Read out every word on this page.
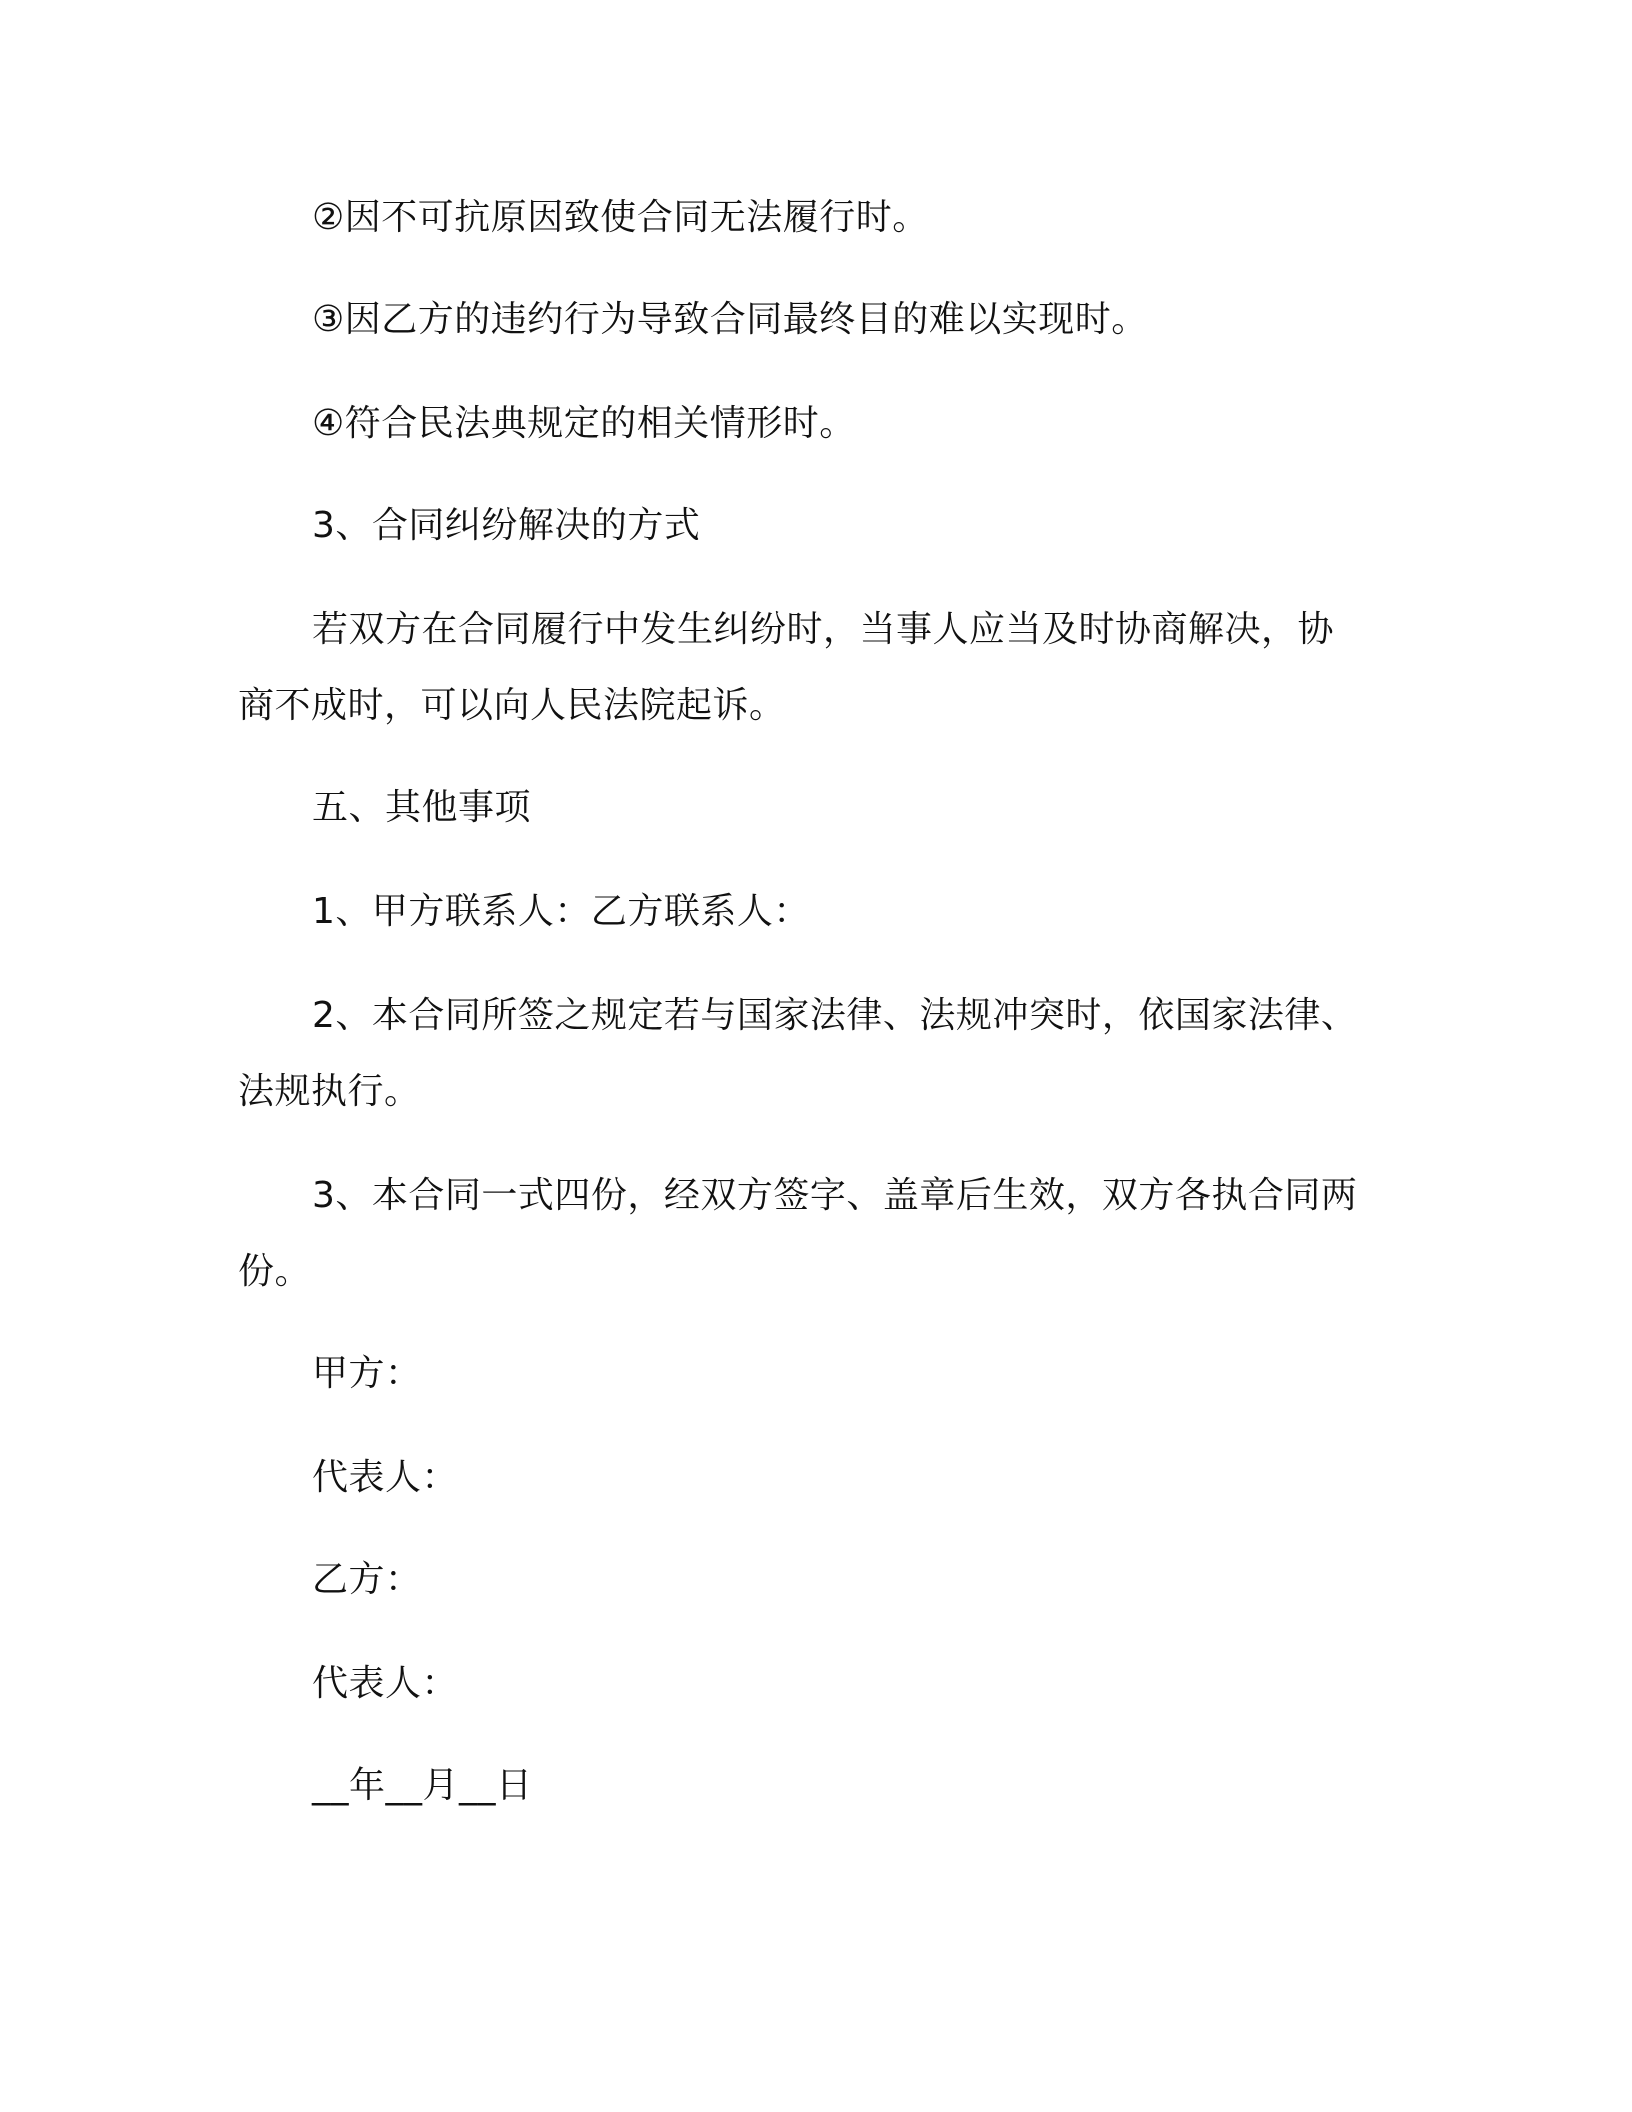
②因不可抗原因致使合同无法履行时。
③因乙方的违约行为导致合同最终目的难以实现时。
④符合民法典规定的相关情形时。
3、合同纠纷解决的方式
若双方在合同履行中发生纠纷时，当事人应当及时协商解决，协
商不成时，可以向人民法院起诉。
五、其他事项
1、甲方联系人：乙方联系人：
2、本合同所签之规定若与国家法律、法规冲突时，依国家法律、
法规执行。
3、本合同一式四份，经双方签字、盖章后生效，双方各执合同两
份。
甲方：
代表人：
乙方：
代表人：
__年__月__日
